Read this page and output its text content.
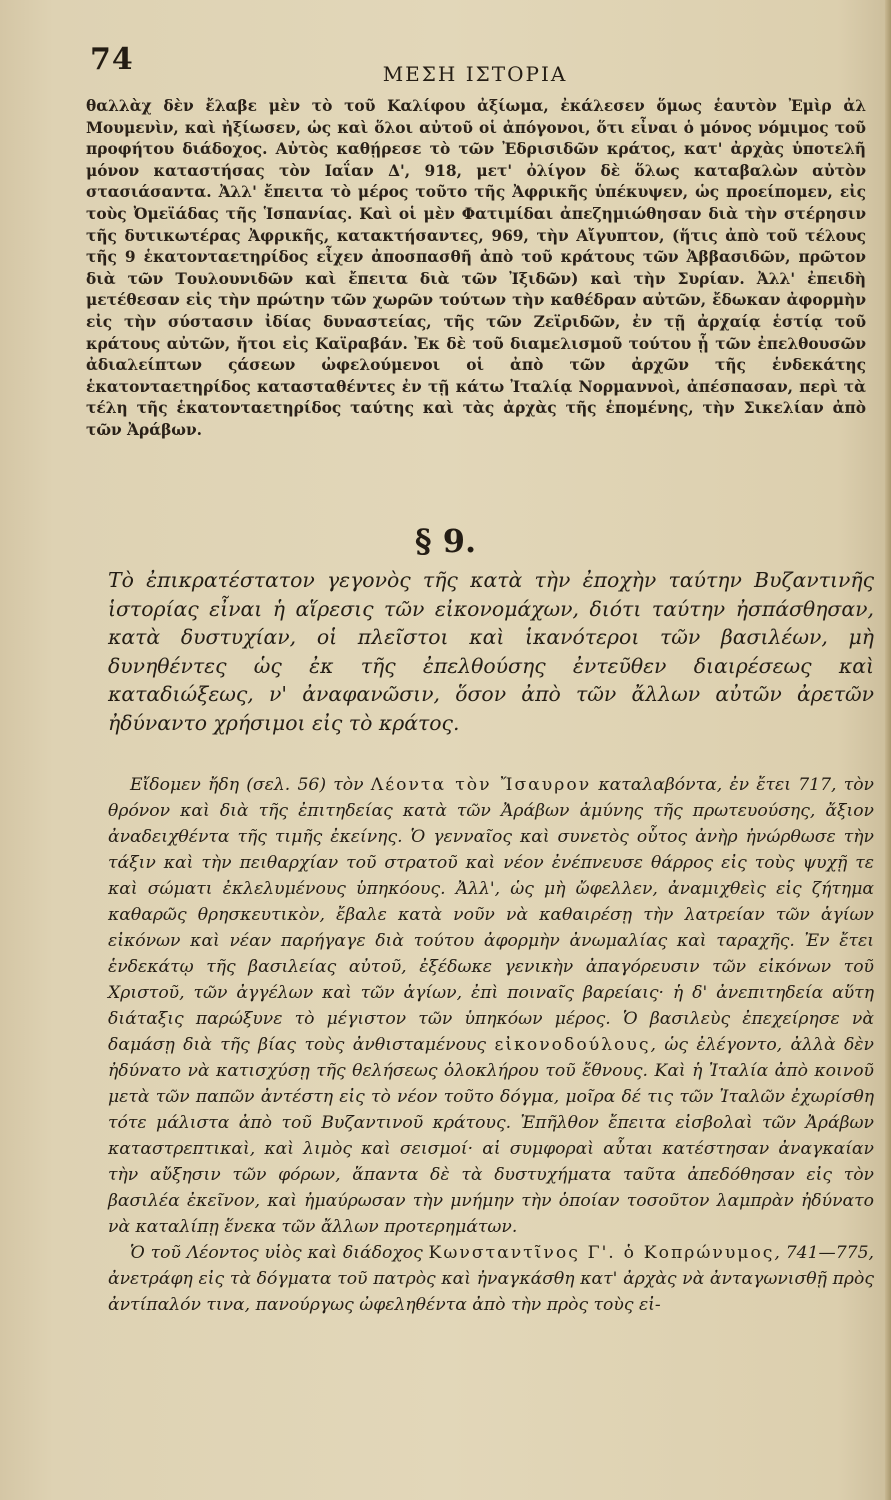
74	ΜΕΣΗ ΙΣΤΟΡΙΑ
θαλλὰχ δὲν ἔλαβε μὲν τὸ τοῦ Καλίφου ἀξίωμα, ἐκάλεσεν ὅμως ἑαυτὸν Ἐμὶρ ἀλ Μουμενὶν, καὶ ἠξίωσεν, ὡς καὶ ὅλοι αὐτοῦ οἱ ἀπόγονοι, ὅτι εἶναι ὁ μόνος νόμιμος τοῦ προφήτου διάδοχος. Αὐτὸς καθῄρεσε τὸ τῶν Ἐδρισιδῶν κράτος, κατ' ἀρχὰς ὑποτελῆ μόνον καταστήσας τὸν Ιαΐαν Δ', 918, μετ' ὀλίγον δὲ ὅλως καταβαλὼν αὐτὸν στασιάσαντα. Ἀλλ' ἔπειτα τὸ μέρος τοῦτο τῆς Ἀφρικῆς ὑπέκυψεν, ὡς προείπομεν, εἰς τοὺς Ὀμεϊάδας τῆς Ἱσπανίας. Καὶ οἱ μὲν Φατιμίδαι ἀπεζημιώθησαν διὰ τὴν στέρησιν τῆς δυτικωτέρας Ἀφρικῆς, κατακτήσαντες, 969, τὴν Αἴγυπτον, (ἥτις ἀπὸ τοῦ τέλους τῆς 9 ἑκατονταετηρίδος εἶχεν ἀποσπασθῆ ἀπὸ τοῦ κράτους τῶν Ἀββασιδῶν, πρῶτον διὰ τῶν Τουλουνιδῶν καὶ ἔπειτα διὰ τῶν Ἰξιδῶν) καὶ τὴν Συρίαν. Ἀλλ' ἐπειδὴ μετέθεσαν εἰς τὴν πρώτην τῶν χωρῶν τούτων τὴν καθέδραν αὐτῶν, ἔδωκαν ἀφορμὴν εἰς τὴν σύστασιν ἰδίας δυναστείας, τῆς τῶν Ζεϊριδῶν, ἐν τῇ ἀρχαίᾳ ἑστίᾳ τοῦ κράτους αὐτῶν, ἤτοι εἰς Καϊραβάν. Ἐκ δὲ τοῦ διαμελισμοῦ τούτου ᾗ τῶν ἐπελθουσῶν ἀδιαλείπτων ςάσεων ὠφελούμενοι οἱ ἀπὸ τῶν ἀρχῶν τῆς ἑνδεκάτης ἑκατονταετηρίδος κατασταθέντες ἐν τῇ κάτω Ἰταλίᾳ Νορμαννοὶ, ἀπέσπασαν, περὶ τὰ τέλη τῆς ἑκατονταετηρίδος ταύτης καὶ τὰς ἀρχὰς τῆς ἑπομένης, τὴν Σικελίαν ἀπὸ τῶν Ἀράβων.
§ 9.
Τὸ ἐπικρατέστατον γεγονὸς τῆς κατὰ τὴν ἐποχὴν ταύτην Βυζαντινῆς ἱστορίας εἶναι ἡ αἵρεσις τῶν εἰκονομάχων, διότι ταύτην ἠσπάσθησαν, κατὰ δυστυχίαν, οἱ πλεῖστοι καὶ ἱκανότεροι τῶν βασιλέων, μὴ δυνηθέντες ὡς ἐκ τῆς ἐπελθούσης ἐντεῦθεν διαιρέσεως καὶ καταδιώξεως, ν' ἀναφανῶσιν, ὅσον ἀπὸ τῶν ἄλλων αὐτῶν ἀρετῶν ἠδύναντο χρήσιμοι εἰς τὸ κράτος.

Εἴδομεν ἤδη (σελ. 56) τὸν Λέοντα τὸν Ἴσαυρον καταλαβόντα, ἐν ἔτει 717, τὸν θρόνον καὶ διὰ τῆς ἐπιτηδείας κατὰ τῶν Ἀράβων ἀμύνης τῆς πρωτευούσης, ἄξιον ἀναδειχθέντα τῆς τιμῆς ἐκείνης. Ὁ γενναῖος καὶ συνετὸς οὗτος ἀνὴρ ἠνώρθωσε τὴν τάξιν καὶ τὴν πειθαρχίαν τοῦ στρατοῦ καὶ νέον ἐνέπνευσε θάρρος εἰς τοὺς ψυχῇ τε καὶ σώματι ἐκλελυμένους ὑπηκόους. Ἀλλ', ὡς μὴ ὤφελλεν, ἀναμιχθεὶς εἰς ζήτημα καθαρῶς θρησκευτικὸν, ἔβαλε κατὰ νοῦν νὰ καθαιρέσῃ τὴν λατρείαν τῶν ἁγίων εἰκόνων καὶ νέαν παρήγαγε διὰ τούτου ἀφορμὴν ἀνωμαλίας καὶ ταραχῆς. Ἐν ἔτει ἑνδεκάτῳ τῆς βασιλείας αὐτοῦ, ἐξέδωκε γενικὴν ἀπαγόρευσιν τῶν εἰκόνων τοῦ Χριστοῦ, τῶν ἀγγέλων καὶ τῶν ἁγίων, ἐπὶ ποιναῖς βαρείαις· ἡ δ' ἀνεπιτηδεία αὕτη διάταξις παρώξυνε τὸ μέγιστον τῶν ὑπηκόων μέρος. Ὁ βασιλεὺς ἐπεχείρησε νὰ δαμάσῃ διὰ τῆς βίας τοὺς ἀνθισταμένους εἰκονοδούλους, ὡς ἐλέγοντο, ἀλλὰ δὲν ἠδύνατο νὰ κατισχύσῃ τῆς θελήσεως ὁλοκλήρου τοῦ ἔθνους. Καὶ ἡ Ἰταλία ἀπὸ κοινοῦ μετὰ τῶν παπῶν ἀντέστη εἰς τὸ νέον τοῦτο δόγμα, μοῖρα δέ τις τῶν Ἰταλῶν ἐχωρίσθη τότε μάλιστα ἀπὸ τοῦ Βυζαντινοῦ κράτους. Ἐπῆλθον ἔπειτα εἰσβολαὶ τῶν Ἀράβων καταστρεπτικαὶ, καὶ λιμὸς καὶ σεισμοί· αἱ συμφοραὶ αὗται κατέστησαν ἀναγκαίαν τὴν αὔξησιν τῶν φόρων, ἅπαντα δὲ τὰ δυστυχήματα ταῦτα ἀπεδόθησαν εἰς τὸν βασιλέα ἐκεῖνον, καὶ ἠμαύρωσαν τὴν μνήμην τὴν ὁποίαν τοσοῦτον λαμπρὰν ἠδύνατο νὰ καταλίπῃ ἕνεκα τῶν ἄλλων προτερημάτων.

Ὁ τοῦ Λέοντος υἱὸς καὶ διάδοχος Κωνσταντῖνος Γ'. ὁ Κοπρώνυμος, 741—775, ἀνετράφη εἰς τὰ δόγματα τοῦ πατρὸς καὶ ἠναγκάσθη κατ' ἀρχὰς νὰ ἀνταγωνισθῇ πρὸς ἀντίπαλόν τινα, πανούργως ὠφεληθέντα ἀπὸ τὴν πρὸς τοὺς εἰ-
